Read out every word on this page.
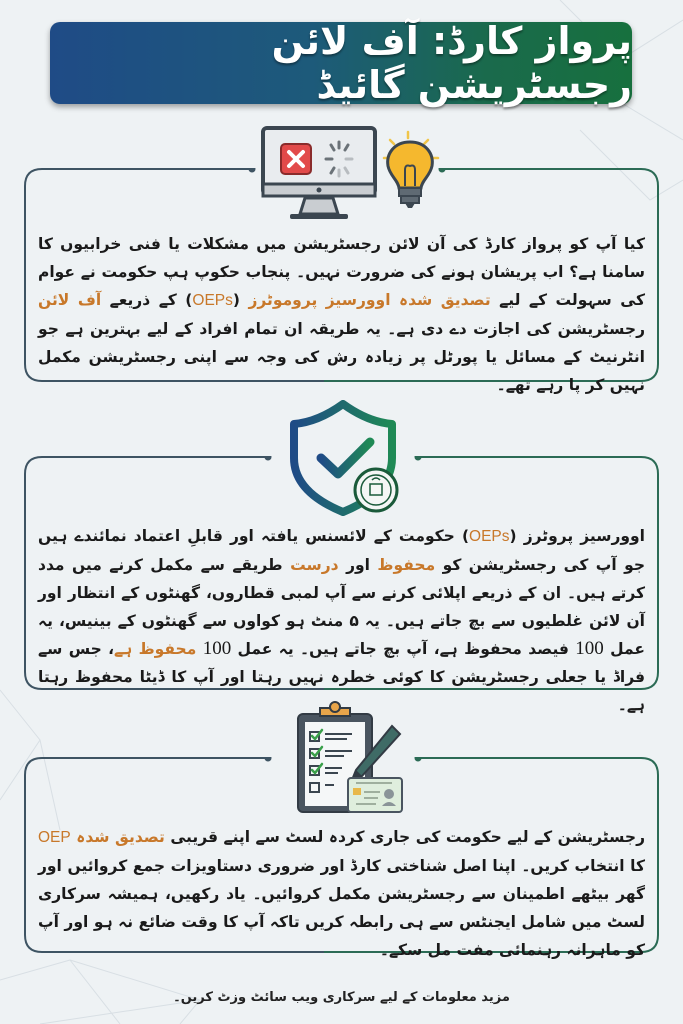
پرواز کارڈ: آف لائن رجسٹریشن گائیڈ
کیا آپ کو پرواز کارڈ کی آن لائن رجسٹریشن میں مشکلات یا فنی خرابیوں کا سامنا ہے؟ اب پریشان ہونے کی ضرورت نہیں۔ پنجاب حکوپ ہپ حکومت نے عوام کی سہولت کے لیے تصدیق شدہ اوورسیز پروموٹرز (OEPs) کے ذریعے آف لائن رجسٹریشن کی اجازت دے دی ہے۔ یہ طریقہ ان تمام افراد کے لیے بہترین ہے جو انٹرنیٹ کے مسائل یا پورٹل پر زیادہ رش کی وجہ سے اپنی رجسٹریشن مکمل نہیں کر پا رہے تھے۔
اوورسیز پروٹرز (OEPs) حکومت کے لائسنس یافتہ اور قابلِ اعتماد نمائندے ہیں جو آپ کی رجسٹریشن کو محفوظ اور درست طریقے سے مکمل کرنے میں مدد کرتے ہیں۔ ان کے ذریعے اپلائی کرنے سے آپ لمبی قطاروں، گھنٹوں کے انتظار اور آن لائن غلطیوں سے بچ جاتے ہیں۔ یہ ۵ منٹ ہو کواوں سے گھنٹوں کے بینیس، یہ عمل 100 فیصد محفوظ ہے، آپ بچ جاتے ہیں۔ یہ عمل 100 محفوظ ہے، جس سے فراڈ یا جعلی رجسٹریشن کا کوئی خطرہ نہیں رہتا اور آپ کا ڈیٹا محفوظ رہتا ہے۔
رجسٹریشن کے لیے حکومت کی جاری کردہ لسٹ سے اپنے قریبی تصدیق شدہ OEP کا انتخاب کریں۔ اپنا اصل شناختی کارڈ اور ضروری دستاویزات جمع کروائیں اور گھر بیٹھے اطمینان سے رجسٹریشن مکمل کروائیں۔ یاد رکھیں، ہمیشہ سرکاری لسٹ میں شامل ایجنٹس سے ہی رابطہ کریں تاکہ آپ کا وقت ضائع نہ ہو اور آپ کو ماہرانہ رہنمائی مفت مل سکے۔
مزید معلومات کے لیے سرکاری ویب سائٹ وزٹ کریں۔
